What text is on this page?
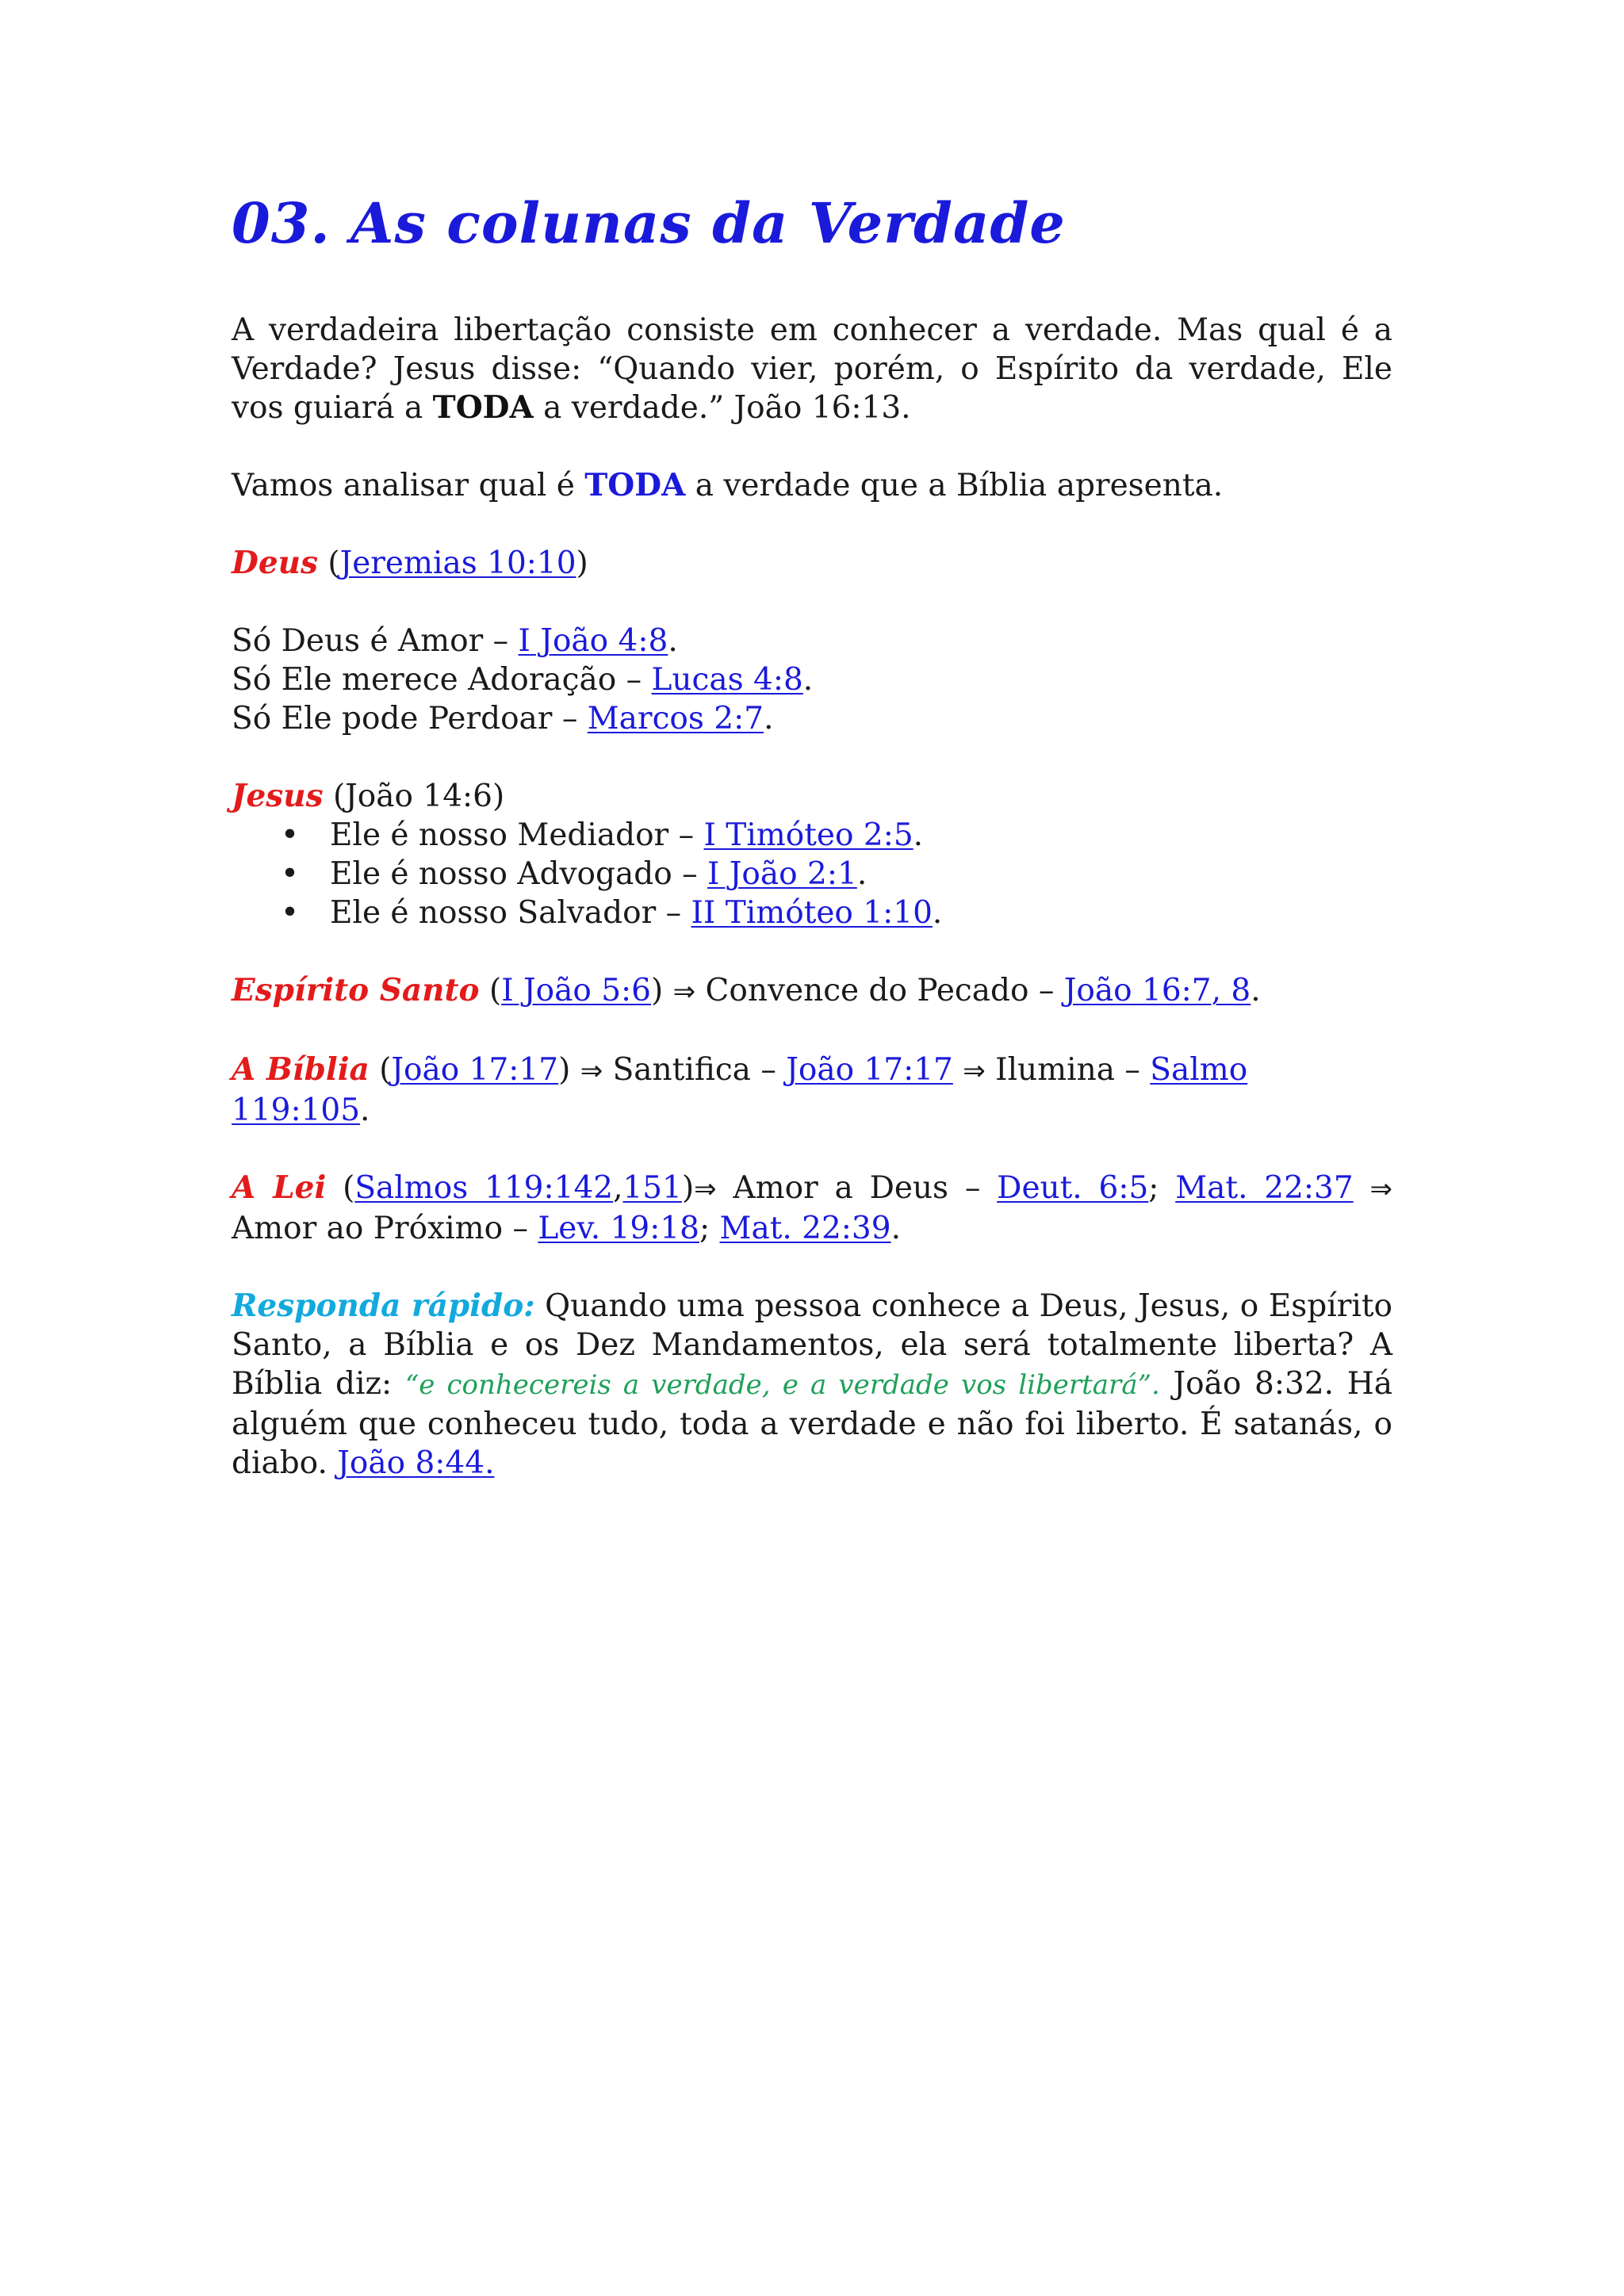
03. As colunas da Verdade

A verdadeira libertação consiste em conhecer a verdade. Mas qual é a Verdade? Jesus disse: “Quando vier, porém, o Espírito da verdade, Ele vos guiará a TODA a verdade.” João 16:13.

Vamos analisar qual é TODA a verdade que a Bíblia apresenta.

Deus (Jeremias 10:10)

Só Deus é Amor – I João 4:8.

Só Ele merece Adoração – Lucas 4:8.

Só Ele pode Perdoar – Marcos 2:7.

Jesus (João 14:6)

• Ele é nosso Mediador – I Timóteo 2:5.
• Ele é nosso Advogado – I João 2:1.
• Ele é nosso Salvador – II Timóteo 1:10.

Espírito Santo (I João 5:6) ⇒ Convence do Pecado – João 16:7, 8.

A Bíblia (João 17:17) ⇒ Santifica – João 17:17 ⇒ Ilumina – Salmo 119:105.

A Lei (Salmos 119:142,151)⇒ Amor a Deus – Deut. 6:5; Mat. 22:37 ⇒ Amor ao Próximo – Lev. 19:18; Mat. 22:39.

Responda rápido: Quando uma pessoa conhece a Deus, Jesus, o Espírito Santo, a Bíblia e os Dez Mandamentos, ela será totalmente liberta? A Bíblia diz: “e conhecereis a verdade, e a verdade vos libertará”. João 8:32. Há alguém que conheceu tudo, toda a verdade e não foi liberto. É satanás, o diabo. João 8:44.
